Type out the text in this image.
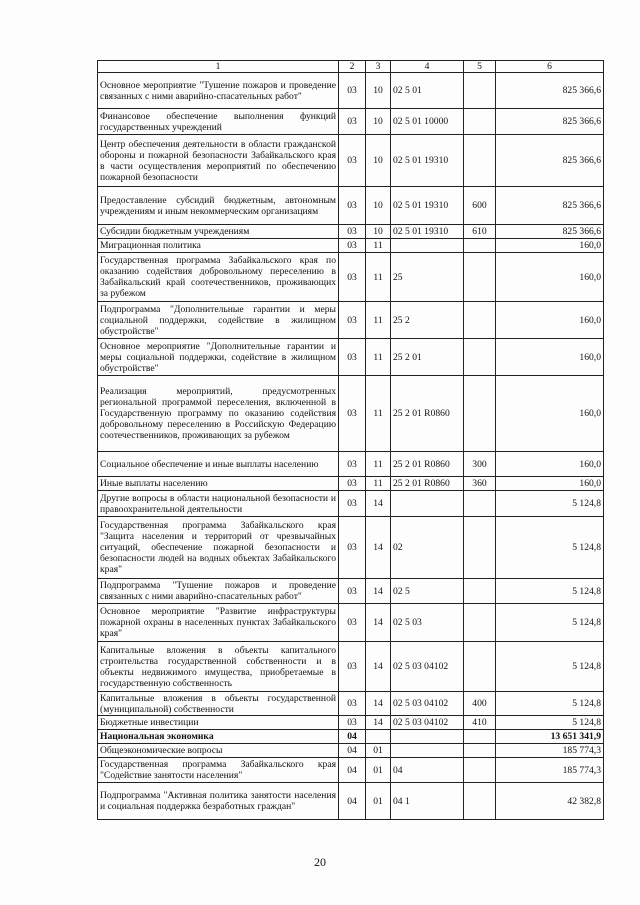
1	2	3	4	5	6
Основное мероприятие "Тушение пожаров и проведение связанных с ними аварийно-спасательных работ"	03	10	02 5 01		825 366,6
Финансовое обеспечение выполнения функций государственных учреждений	03	10	02 5 01 10000		825 366,6
Центр обеспечения деятельности в области гражданской обороны и пожарной безопасности Забайкальского края в части осуществления мероприятий по обеспечению пожарной безопасности	03	10	02 5 01 19310		825 366,6
Предоставление субсидий бюджетным, автономным учреждениям и иным некоммерческим организациям	03	10	02 5 01 19310	600	825 366,6
Субсидии бюджетным учреждениям	03	10	02 5 01 19310	610	825 366,6
Миграционная политика	03	11			160,0
Государственная программа Забайкальского края по оказанию содействия добровольному переселению в Забайкальский край соотечественников, проживающих за рубежом	03	11	25		160,0
Подпрограмма "Дополнительные гарантии и меры социальной поддержки, содействие в жилищном обустройстве"	03	11	25 2		160,0
Основное мероприятие "Дополнительные гарантии и меры социальной поддержки, содействие в жилищном обустройстве"	03	11	25 2 01		160,0
Реализация мероприятий, предусмотренных региональной программой переселения, включенной в Государственную программу по оказанию содействия добровольному переселению в Российскую Федерацию соотечественников, проживающих за рубежом	03	11	25 2 01 R0860		160,0
Социальное обеспечение и иные выплаты населению	03	11	25 2 01 R0860	300	160,0
Иные выплаты населению	03	11	25 2 01 R0860	360	160,0
Другие вопросы в области национальной безопасности и правоохранительной деятельности	03	14			5 124,8
Государственная программа Забайкальского края "Защита населения и территорий от чрезвычайных ситуаций, обеспечение пожарной безопасности и безопасности людей на водных объектах Забайкальского края"	03	14	02		5 124,8
Подпрограмма "Тушение пожаров и проведение связанных с ними аварийно-спасательных работ"	03	14	02 5		5 124,8
Основное мероприятие "Развитие инфраструктуры пожарной охраны в населенных пунктах Забайкальского края"	03	14	02 5 03		5 124,8
Капитальные вложения в объекты капитального строительства государственной собственности и в объекты недвижимого имущества, приобретаемые в государственную собственность	03	14	02 5 03 04102		5 124,8
Капитальные вложения в объекты государственной (муниципальной) собственности	03	14	02 5 03 04102	400	5 124,8
Бюджетные инвестиции	03	14	02 5 03 04102	410	5 124,8
Национальная экономика	04				13 651 341,9
Общеэкономические вопросы	04	01			185 774,3
Государственная программа Забайкальского края "Содействие занятости населения"	04	01	04		185 774,3
Подпрограмма "Активная политика занятости населения и социальная поддержка безработных граждан"	04	01	04 1		42 382,8
20
